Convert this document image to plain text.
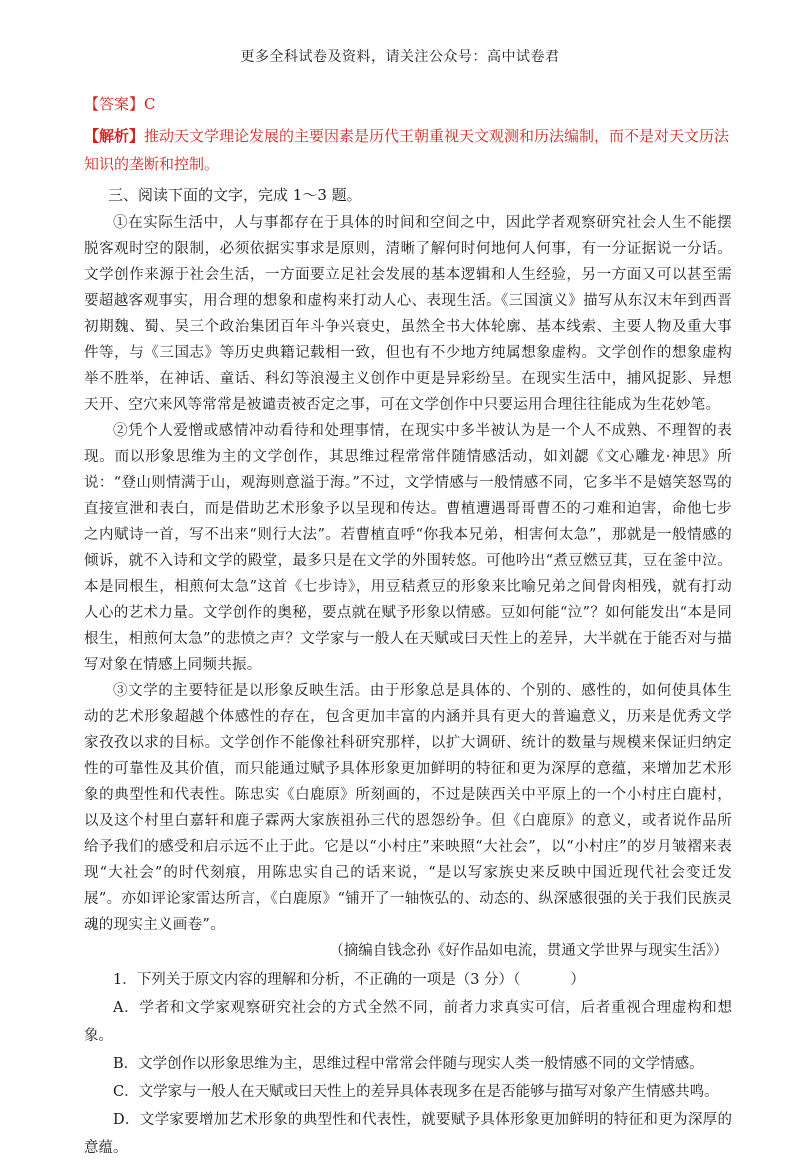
更多全科试卷及资料，请关注公众号：高中试卷君
【答案】C
【解析】推动天文学理论发展的主要因素是历代王朝重视天文观测和历法编制，而不是对天文历法知识的垄断和控制。
三、阅读下面的文字，完成 1～3 题。

①在实际生活中，人与事都存在于具体的时间和空间之中，因此学者观察研究社会人生不能摆脱客观时空的限制，必须依据实事求是原则，清晰了解何时何地何人何事，有一分证据说一分话。文学创作来源于社会生活，一方面要立足社会发展的基本逻辑和人生经验，另一方面又可以甚至需要超越客观事实，用合理的想象和虚构来打动人心、表现生活。《三国演义》描写从东汉末年到西晋初期魏、蜀、吴三个政治集团百年斗争兴衰史，虽然全书大体轮廓、基本线索、主要人物及重大事件等，与《三国志》等历史典籍记载相一致，但也有不少地方纯属想象虚构。文学创作的想象虚构举不胜举，在神话、童话、科幻等浪漫主义创作中更是异彩纷呈。在现实生活中，捕风捉影、异想天开、空穴来风等常常是被谴责被否定之事，可在文学创作中只要运用合理往往能成为生花妙笔。

②凭个人爱憎或感情冲动看待和处理事情，在现实中多半被认为是一个人不成熟、不理智的表现。而以形象思维为主的文学创作，其思维过程常常伴随情感活动，如刘勰《文心雕龙·神思》所说：“登山则情满于山，观海则意溢于海。”不过，文学情感与一般情感不同，它多半不是嬉笑怒骂的直接宣泄和表白，而是借助艺术形象予以呈现和传达。曹植遭遇哥哥曹丕的刁难和迫害，命他七步之内赋诗一首，写不出来“则行大法”。若曹植直呼“你我本兄弟，相害何太急”，那就是一般情感的倾诉，就不入诗和文学的殿堂，最多只是在文学的外围转悠。可他吟出“煮豆燃豆萁，豆在釜中泣。本是同根生，相煎何太急”这首《七步诗》，用豆秸煮豆的形象来比喻兄弟之间骨肉相残，就有打动人心的艺术力量。文学创作的奥秘，要点就在赋予形象以情感。豆如何能“泣”？如何能发出“本是同根生，相煎何太急”的悲愤之声？文学家与一般人在天赋或曰天性上的差异，大半就在于能否对与描写对象在情感上同频共振。

③文学的主要特征是以形象反映生活。由于形象总是具体的、个别的、感性的，如何使具体生动的艺术形象超越个体感性的存在，包含更加丰富的内涵并具有更大的普遍意义，历来是优秀文学家孜孜以求的目标。文学创作不能像社科研究那样，以扩大调研、统计的数量与规模来保证归纳定性的可靠性及其价值，而只能通过赋予具体形象更加鲜明的特征和更为深厚的意蕴，来增加艺术形象的典型性和代表性。陈忠实《白鹿原》所刻画的，不过是陕西关中平原上的一个小村庄白鹿村，以及这个村里白嘉轩和鹿子霖两大家族祖孙三代的恩怨纷争。但《白鹿原》的意义，或者说作品所给予我们的感受和启示远不止于此。它是以“小村庄”来映照“大社会”，以“小村庄”的岁月皱褶来表现“大社会”的时代刻痕，用陈忠实自己的话来说，“是以写家族史来反映中国近现代社会变迁发展”。亦如评论家雷达所言，《白鹿原》“铺开了一轴恢弘的、动态的、纵深感很强的关于我们民族灵魂的现实主义画卷”。

（摘编自钱念孙《好作品如电流，贯通文学世界与现实生活》）

1．下列关于原文内容的理解和分析，不正确的一项是（3 分）（	）

A．学者和文学家观察研究社会的方式全然不同，前者力求真实可信，后者重视合理虚构和想象。

B．文学创作以形象思维为主，思维过程中常常会伴随与现实人类一般情感不同的文学情感。

C．文学家与一般人在天赋或曰天性上的差异具体表现多在是否能够与描写对象产生情感共鸣。

D．文学家要增加艺术形象的典型性和代表性，就要赋予具体形象更加鲜明的特征和更为深厚的意蕴。
